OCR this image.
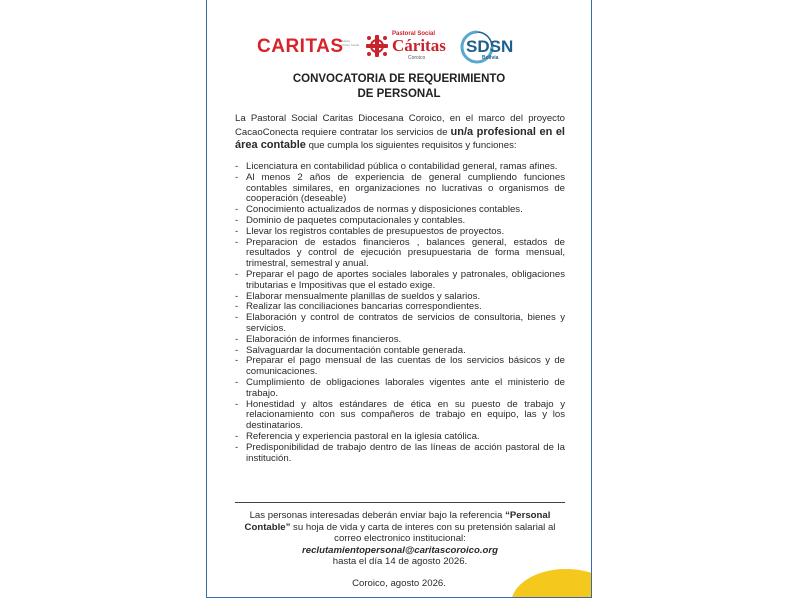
CARITAS
Bolivia · Acción Social
Pastoral Social
Cáritas
Coroico
SDSN
Bolivia
CONVOCATORIA DE REQUERIMIENTO
DE PERSONAL
La Pastoral Social Caritas Diocesana Coroico, en el marco del proyecto CacaoConecta requiere contratar los servicios de un/a profesional en el área contable que cumpla los siguientes requisitos y funciones:
- Licenciatura en contabilidad pública o contabilidad general, ramas afines.
- Al menos 2 años de experiencia de general cumpliendo funciones contables similares, en organizaciones no lucrativas o organismos de cooperación (deseable)
- Conocimiento actualizados de normas y disposiciones contables.
- Dominio de paquetes computacionales y contables.
- Llevar los registros contables de presupuestos de proyectos.
- Preparacion de estados financieros , balances general, estados de resultados y control de ejecución presupuestaria de forma mensual, trimestral, semestral y anual.
- Preparar el pago de aportes sociales laborales y patronales, obligaciones tributarias e Impositivas que el estado exige.
- Elaborar mensualmente planillas de sueldos y salarios.
- Realizar las conciliaciones bancarias correspondientes.
- Elaboración y control de contratos de servicios de consultoria, bienes y servicios.
- Elaboración de informes financieros.
- Salvaguardar la documentación contable generada.
- Preparar el pago mensual de las cuentas de los servicios básicos y de comunicaciones.
- Cumplimiento de obligaciones laborales vigentes ante el ministerio de trabajo.
- Honestidad y altos estándares de ética en su puesto de trabajo y relacionamiento con sus compañeros de trabajo en equipo, las y los destinatarios.
- Referencia y experiencia pastoral en la iglesia católica.
- Predisponibilidad de trabajo dentro de las líneas de acción pastoral de la institución.
Las personas interesadas deberán enviar bajo la referencia “Personal Contable” su hoja de vida y carta de interes con su pretensión salarial al correo electronico institucional:
reclutamientopersonal@caritascoroico.org
hasta el día 14 de agosto 2026.
Coroico, agosto 2026.
